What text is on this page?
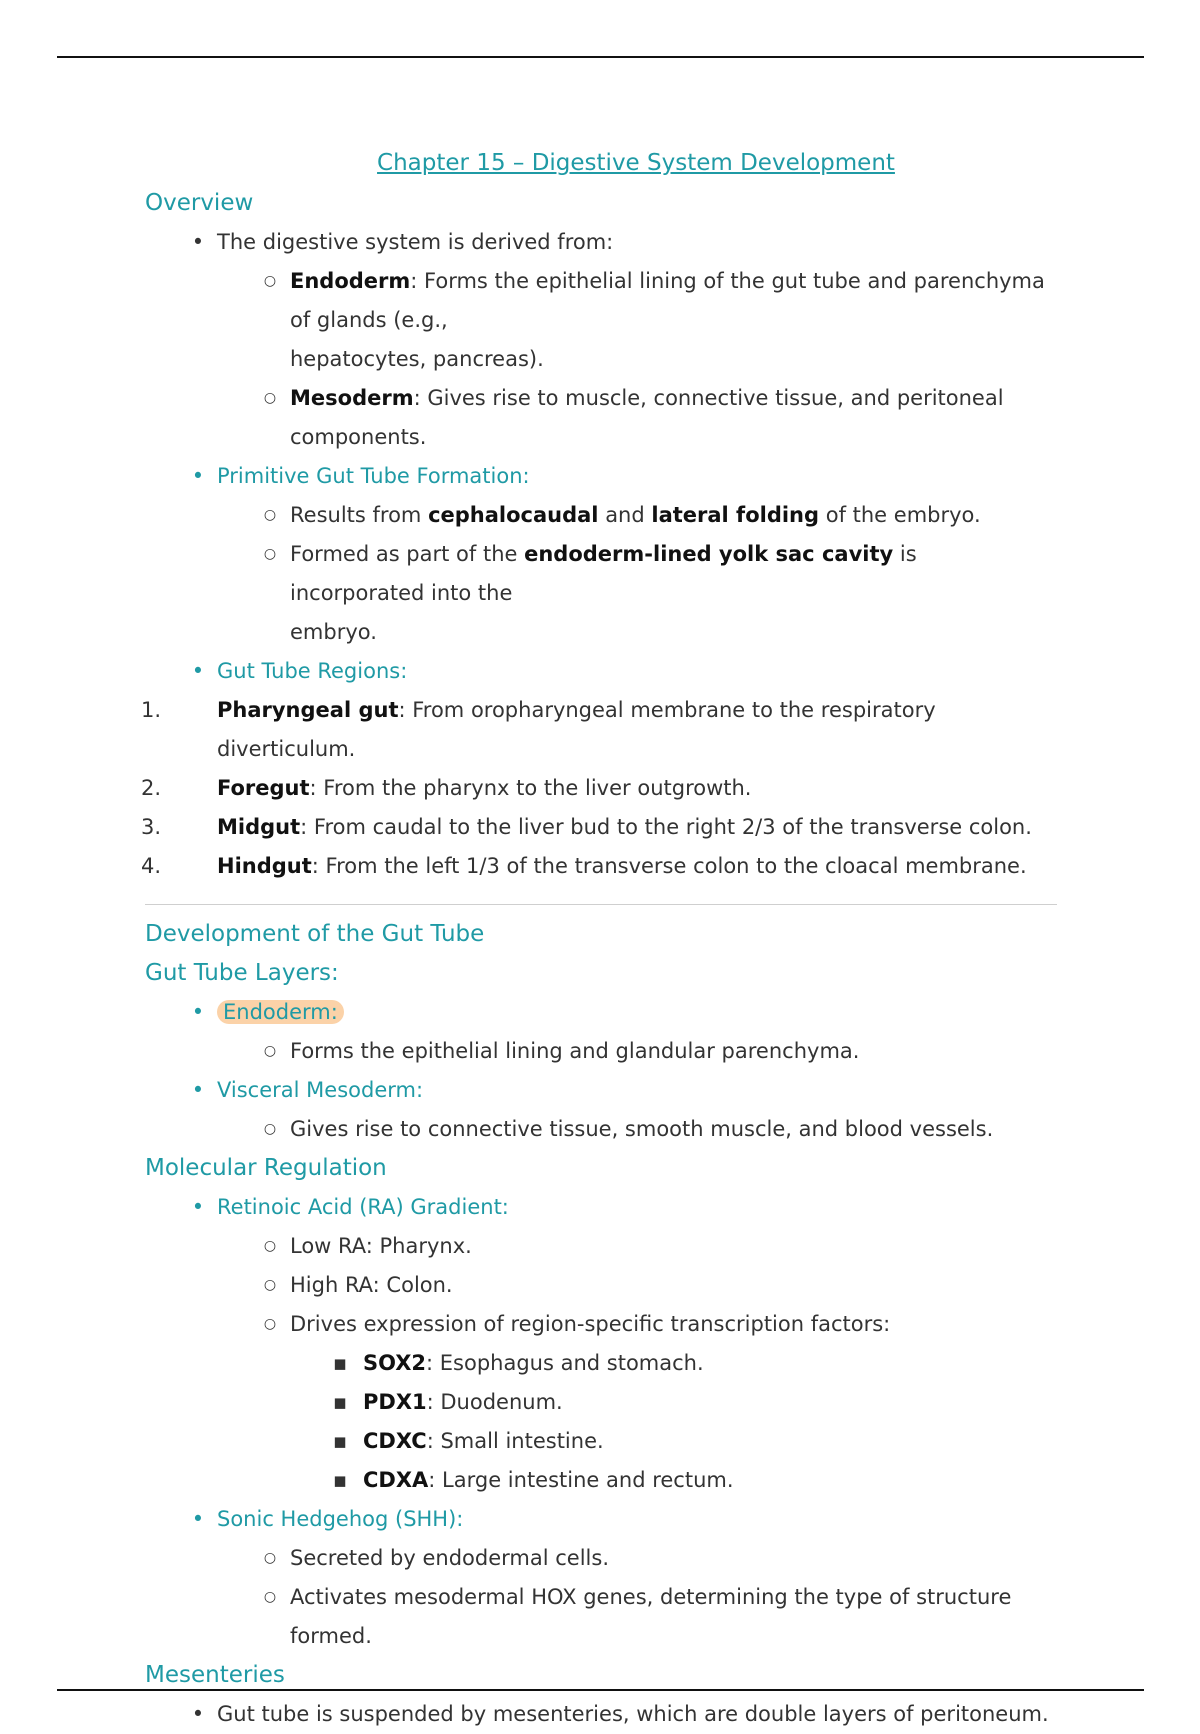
Chapter 15 – Digestive System Development

Overview

• The digestive system is derived from:

○ Endoderm: Forms the epithelial lining of the gut tube and parenchyma of glands (e.g.,

hepatocytes, pancreas).

○ Mesoderm: Gives rise to muscle, connective tissue, and peritoneal components.

• Primitive Gut Tube Formation:

○ Results from cephalocaudal and lateral folding of the embryo.

○ Formed as part of the endoderm-lined yolk sac cavity is incorporated into the

embryo.

• Gut Tube Regions:

1.	Pharyngeal gut: From oropharyngeal membrane to the respiratory diverticulum.

2.	Foregut: From the pharynx to the liver outgrowth.

3.	Midgut: From caudal to the liver bud to the right 2/3 of the transverse colon.

4.	Hindgut: From the left 1/3 of the transverse colon to the cloacal membrane.

Development of the Gut Tube

Gut Tube Layers:

• Endoderm:

○ Forms the epithelial lining and glandular parenchyma.

• Visceral Mesoderm:

○ Gives rise to connective tissue, smooth muscle, and blood vessels.

Molecular Regulation

• Retinoic Acid (RA) Gradient:

○ Low RA: Pharynx.

○ High RA: Colon.

○ Drives expression of region-specific transcription factors:

▪ SOX2: Esophagus and stomach.

▪ PDX1: Duodenum.

▪ CDXC: Small intestine.

▪ CDXA: Large intestine and rectum.

• Sonic Hedgehog (SHH):

○ Secreted by endodermal cells.

○ Activates mesodermal HOX genes, determining the type of structure formed.

Mesenteries

• Gut tube is suspended by mesenteries, which are double layers of peritoneum.
